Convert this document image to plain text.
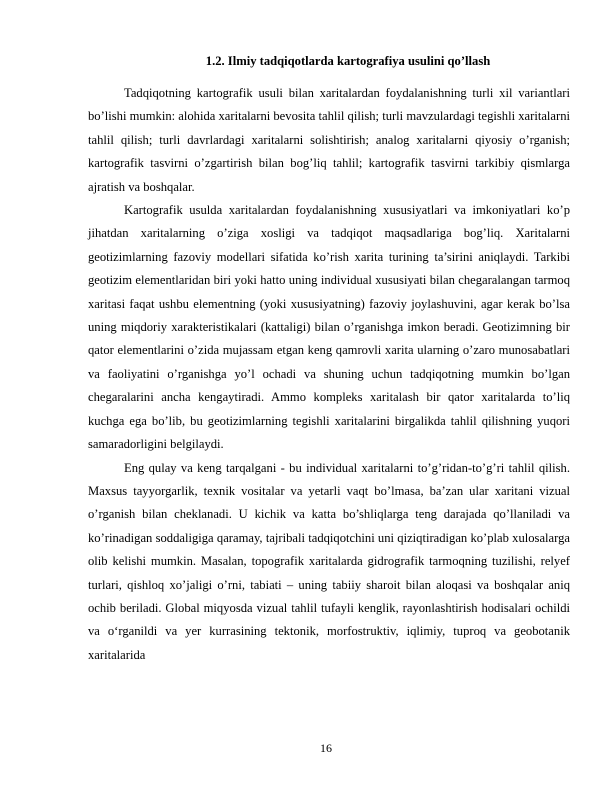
1.2. Ilmiy tadqiqotlarda kartografiya usulini qo’llash

Tadqiqotning kartografik usuli bilan xaritalardan foydalanishning turli xil variantlari bo’lishi mumkin: alohida xaritalarni bevosita tahlil qilish; turli mavzulardagi tegishli xaritalarni tahlil qilish; turli davrlardagi xaritalarni solishtirish; analog xaritalarni qiyosiy o’rganish; kartografik tasvirni o’zgartirish bilan bog’liq tahlil; kartografik tasvirni tarkibiy qismlarga ajratish va boshqalar.

Kartografik usulda xaritalardan foydalanishning xususiyatlari va imkoniyatlari ko’p jihatdan xaritalarning o’ziga xosligi va tadqiqot maqsadlariga bog’liq. Xaritalarni geotizimlarning fazoviy modellari sifatida ko’rish xarita turining ta’sirini aniqlaydi. Tarkibi geotizim elementlaridan biri yoki hatto uning individual xususiyati bilan chegaralangan tarmoq xaritasi faqat ushbu elementning (yoki xususiyatning) fazoviy joylashuvini, agar kerak bo’lsa uning miqdoriy xarakteristikalari (kattaligi) bilan o’rganishga imkon beradi. Geotizimning bir qator elementlarini o’zida mujassam etgan keng qamrovli xarita ularning o’zaro munosabatlari va faoliyatini o’rganishga yo’l ochadi va shuning uchun tadqiqotning mumkin bo’lgan chegaralarini ancha kengaytiradi. Ammo kompleks xaritalash bir qator xaritalarda to’liq kuchga ega bo’lib, bu geotizimlarning tegishli xaritalarini birgalikda tahlil qilishning yuqori samaradorligini belgilaydi.

Eng qulay va keng tarqalgani - bu individual xaritalarni to’g’ridan-to’g’ri tahlil qilish. Maxsus tayyorgarlik, texnik vositalar va yetarli vaqt bo’lmasa, ba’zan ular xaritani vizual o’rganish bilan cheklanadi. U kichik va katta bo’shliqlarga teng darajada qo’llaniladi va ko’rinadigan soddaligiga qaramay, tajribali tadqiqotchini uni qiziqtiradigan ko’plab xulosalarga olib kelishi mumkin. Masalan, topografik xaritalarda gidrografik tarmoqning tuzilishi, relyef turlari, qishloq xo’jaligi o’rni, tabiati – uning tabiiy sharoit bilan aloqasi va boshqalar aniq ochib beriladi. Global miqyosda vizual tahlil tufayli kenglik, rayonlashtirish hodisalari ochildi va o‘rganildi va yer kurrasining tektonik, morfostruktiv, iqlimiy, tuproq va geobotanik xaritalarida

16
